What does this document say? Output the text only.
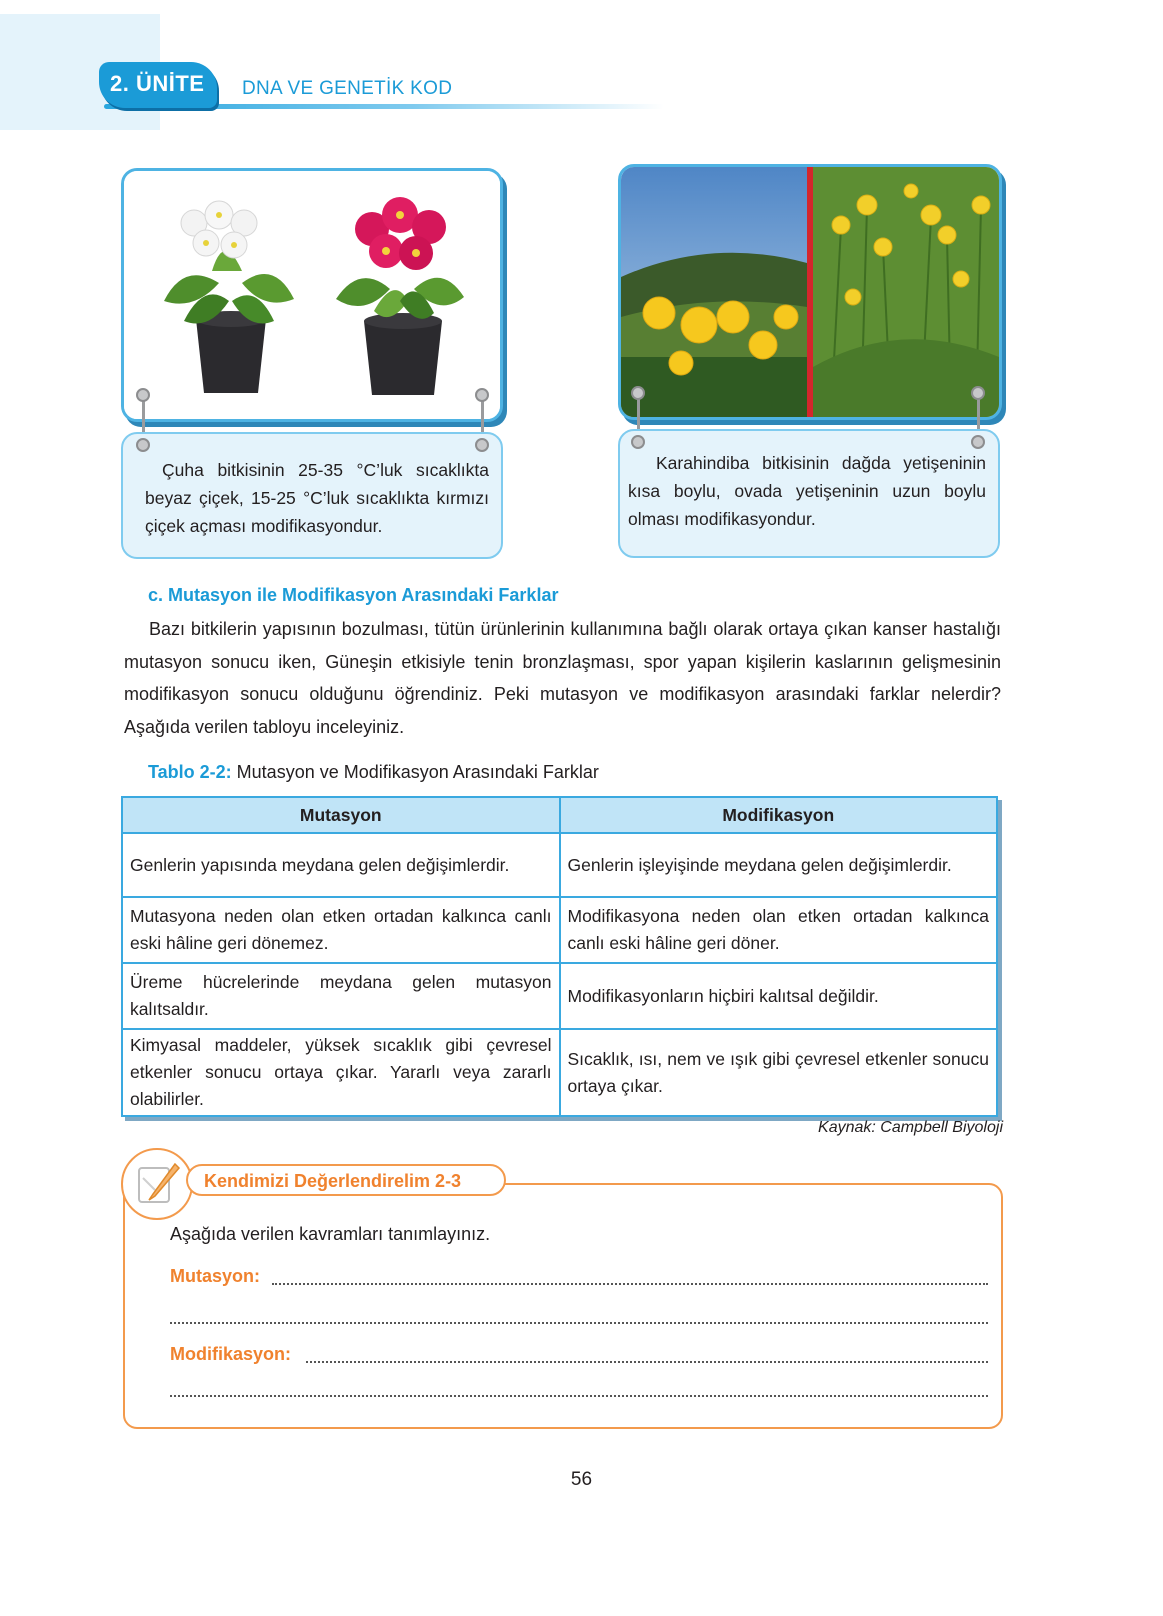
2. ÜNİTE DNA VE GENETİK KOD
Çuha bitkisinin 25-35 °C’luk sıcaklıkta beyaz çiçek, 15-25 °C’luk sıcaklıkta kırmızı çiçek açması modifikasyondur.
Karahindiba bitkisinin dağda yetişeninin kısa boylu, ovada yetişeninin uzun boylu olması modifikasyondur.
c. Mutasyon ile Modifikasyon Arasındaki Farklar
Bazı bitkilerin yapısının bozulması, tütün ürünlerinin kullanımına bağlı olarak ortaya çıkan kanser hastalığı mutasyon sonucu iken, Güneşin etkisiyle tenin bronzlaşması, spor yapan kişilerin kaslarının gelişmesinin modifikasyon sonucu olduğunu öğrendiniz. Peki mutasyon ve modifikasyon arasındaki farklar nelerdir? Aşağıda verilen tabloyu inceleyiniz.
Tablo 2-2: Mutasyon ve Modifikasyon Arasındaki Farklar
Mutasyon	Modifikasyon
Genlerin yapısında meydana gelen değişimlerdir.	Genlerin işleyişinde meydana gelen değişimlerdir.
Mutasyona neden olan etken ortadan kalkınca canlı eski hâline geri dönemez.	Modifikasyona neden olan etken ortadan kalkınca canlı eski hâline geri döner.
Üreme hücrelerinde meydana gelen mutasyon kalıtsaldır.	Modifikasyonların hiçbiri kalıtsal değildir.
Kimyasal maddeler, yüksek sıcaklık gibi çevresel etkenler sonucu ortaya çıkar. Yararlı veya zararlı olabilirler.	Sıcaklık, ısı, nem ve ışık gibi çevresel etkenler sonucu ortaya çıkar.
Kaynak: Campbell Biyoloji
Kendimizi Değerlendirelim 2-3
Aşağıda verilen kavramları tanımlayınız.
Mutasyon:
Modifikasyon:
56
